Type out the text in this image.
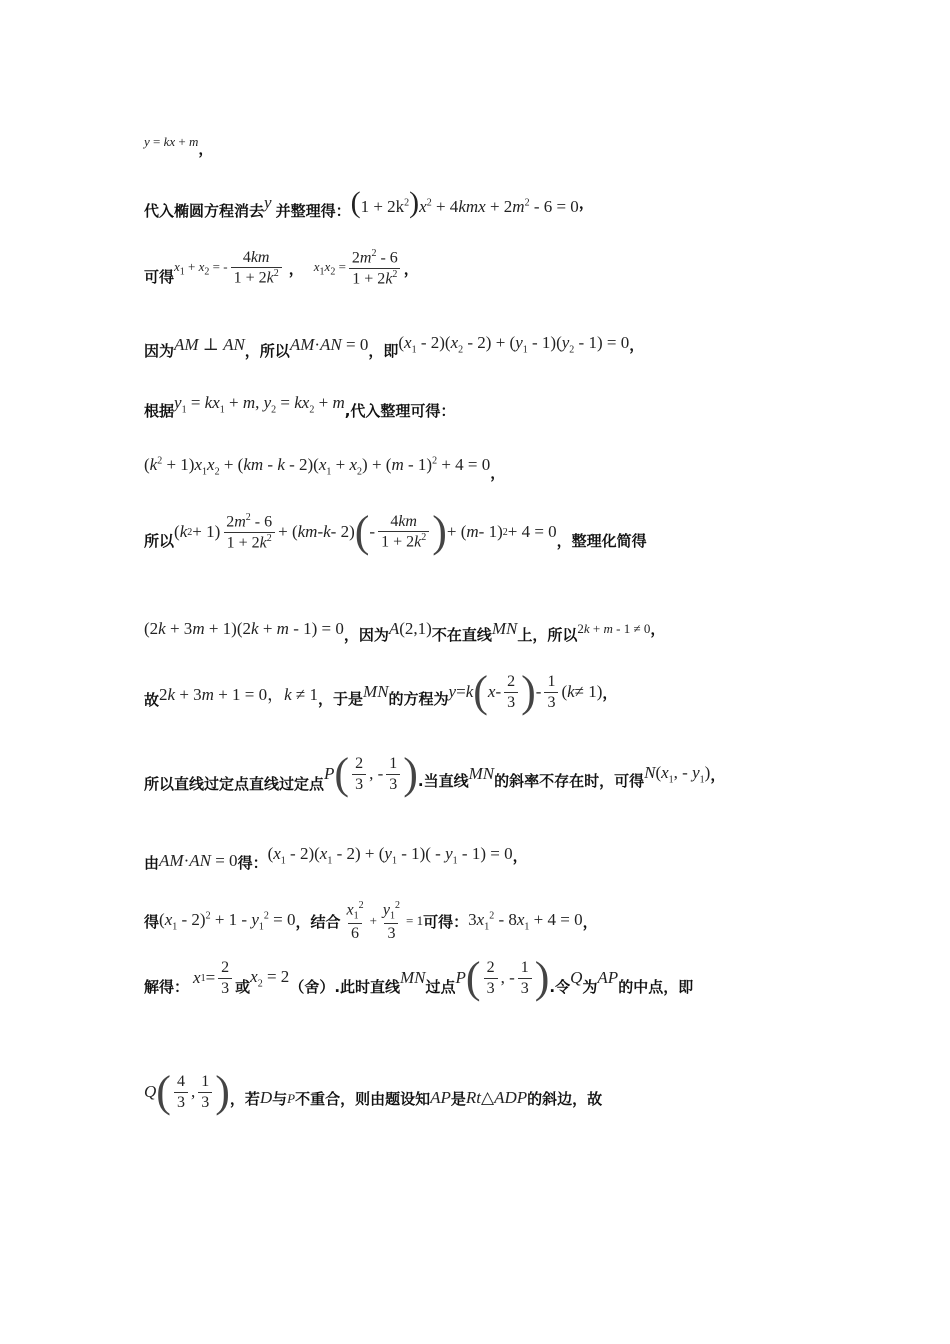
y = kx + m ，
代入椭圆方程消去 y 并整理得： $(1 + 2k^2)x^2 + 4kmx + 2m^2 - 6 = 0$ ，
可得
$x_1 + x_2$ = - $\frac{4km}{1 + 2k^2}$ ， $x_1x_2 = \frac{2m^2 - 6}{1 + 2k^2}$ ，
因为 AM ⊥ AN ，所以 AM·AN = 0 ，即 $(x_1 - 2)(x_2 - 2) + (y_1 - 1)(y_2 - 1) = 0$ ，
根据 $y_1 = kx_1 + m$, $y_2 = kx_2 + m$ ,代入整理可得：
$(k^2 + 1)x_1x_2 + (km - k - 2)(x_1 + x_2) + (m - 1)^2 + 4 = 0$ ，
所以 ( k $2 + 1) \frac{2m^2 - 6}{1 + 2k^2}$ + ( km - k - 2) ( - $\frac{4km}{1 + 2k^2}$ ) + ( m - 1) 2 + 4 = 0 ，整理化简得
(2k + 3m + 1)(2k + m - 1) = 0 ，因为 A(2,1) 不在直线 MN 上，所以 2k + m - 1 ≠ 0 ，
故 2k + 3m + 1 = 0，k ≠ 1 ，于是 MN 的方程为 y = k ( x - $\frac{2}{3}$ ) - $\frac{1}{3}$ ( k ≠ 1) ，
所以直线过定点直线过定点
P ( $\frac{2}{3}$ , - $\frac{1}{3}$ ) .当直线 MN 的斜率不存在时，可得 $N(x_1$, - $y_1$) ，
由 AM·AN = 0 得： $(x_1 - 2)(x_1 - 2) + (y_1 - 1)( - y_1 - 1) = 0$ ，
得 $(x_1 - 2)^2 + 1 - y_1^2 = 0$ ，结合 $\frac{x_1^2}{6} + \frac{y_1^2}{3} = 1$ 可得： $3x_1^2 - 8x_1 + 4 = 0$ ，
解得： x $1 = \frac{2}{3}$ 或
$x_2 = 2$
（舍）.此时直线 MN 过点 P ( $\frac{2}{3}$ , - $\frac{1}{3}$ ) .令 Q 为 AP 的中点，即
Q ( $\frac{4}{3}$ , $\frac{1}{3}$ ) ，若 D 与 P 不重合，则由题设知 AP 是 Rt△ADP 的斜边，故
